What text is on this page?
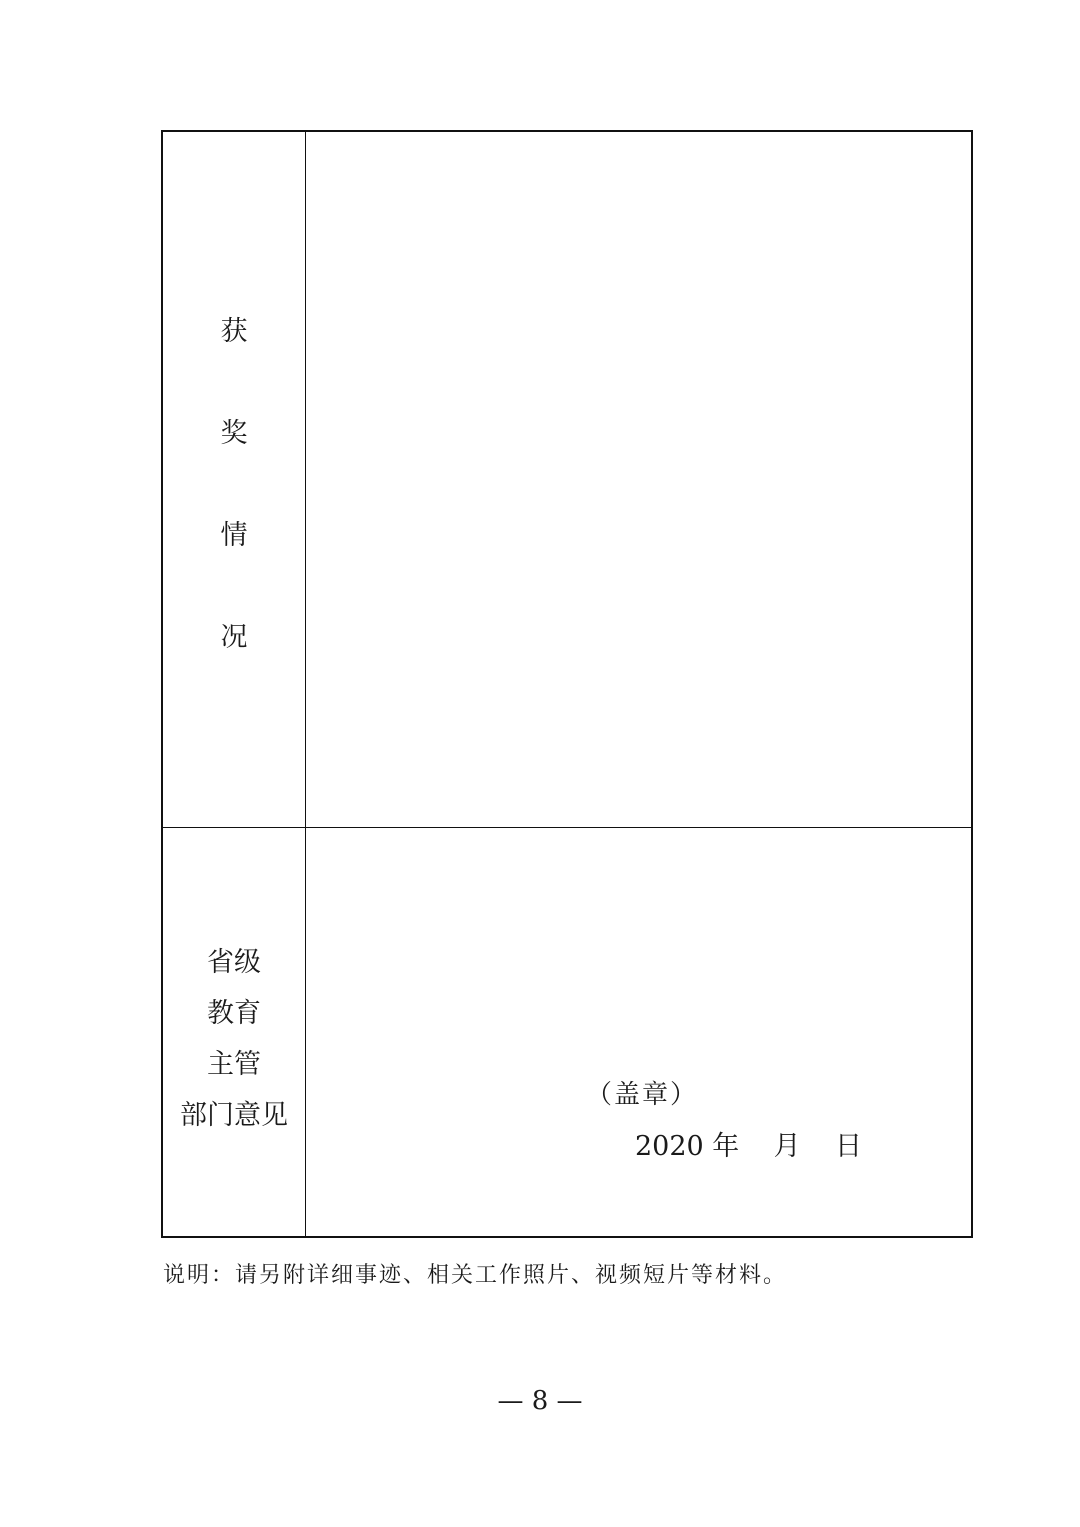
获
奖
情
况
省级
教育
主管
部门意见
（盖章）
2020 年    月    日
说明：请另附详细事迹、相关工作照片、视频短片等材料。
— 8 —
